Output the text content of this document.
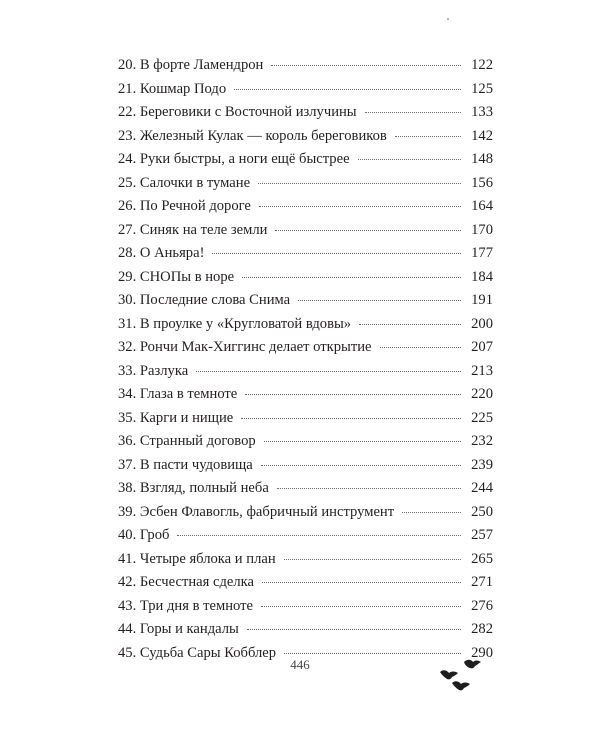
20. В форте Ламендрон	122
21. Кошмар Подо	125
22. Береговики с Восточной излучины	133
23. Железный Кулак — король береговиков	142
24. Руки быстры, а ноги ещё быстрее	148
25. Салочки в тумане	156
26. По Речной дороге	164
27. Синяк на теле земли	170
28. О Аньяра!	177
29. СНОПы в норе	184
30. Последние слова Снима	191
31. В проулке у «Кругловатой вдовы»	200
32. Рончи Мак-Хиггинс делает открытие	207
33. Разлука	213
34. Глаза в темноте	220
35. Карги и нищие	225
36. Странный договор	232
37. В пасти чудовища	239
38. Взгляд, полный неба	244
39. Эсбен Флавогль, фабричный инструмент	250
40. Гроб	257
41. Четыре яблока и план	265
42. Бесчестная сделка	271
43. Три дня в темноте	276
44. Горы и кандалы	282
45. Судьба Сары Кобблер	290
446
